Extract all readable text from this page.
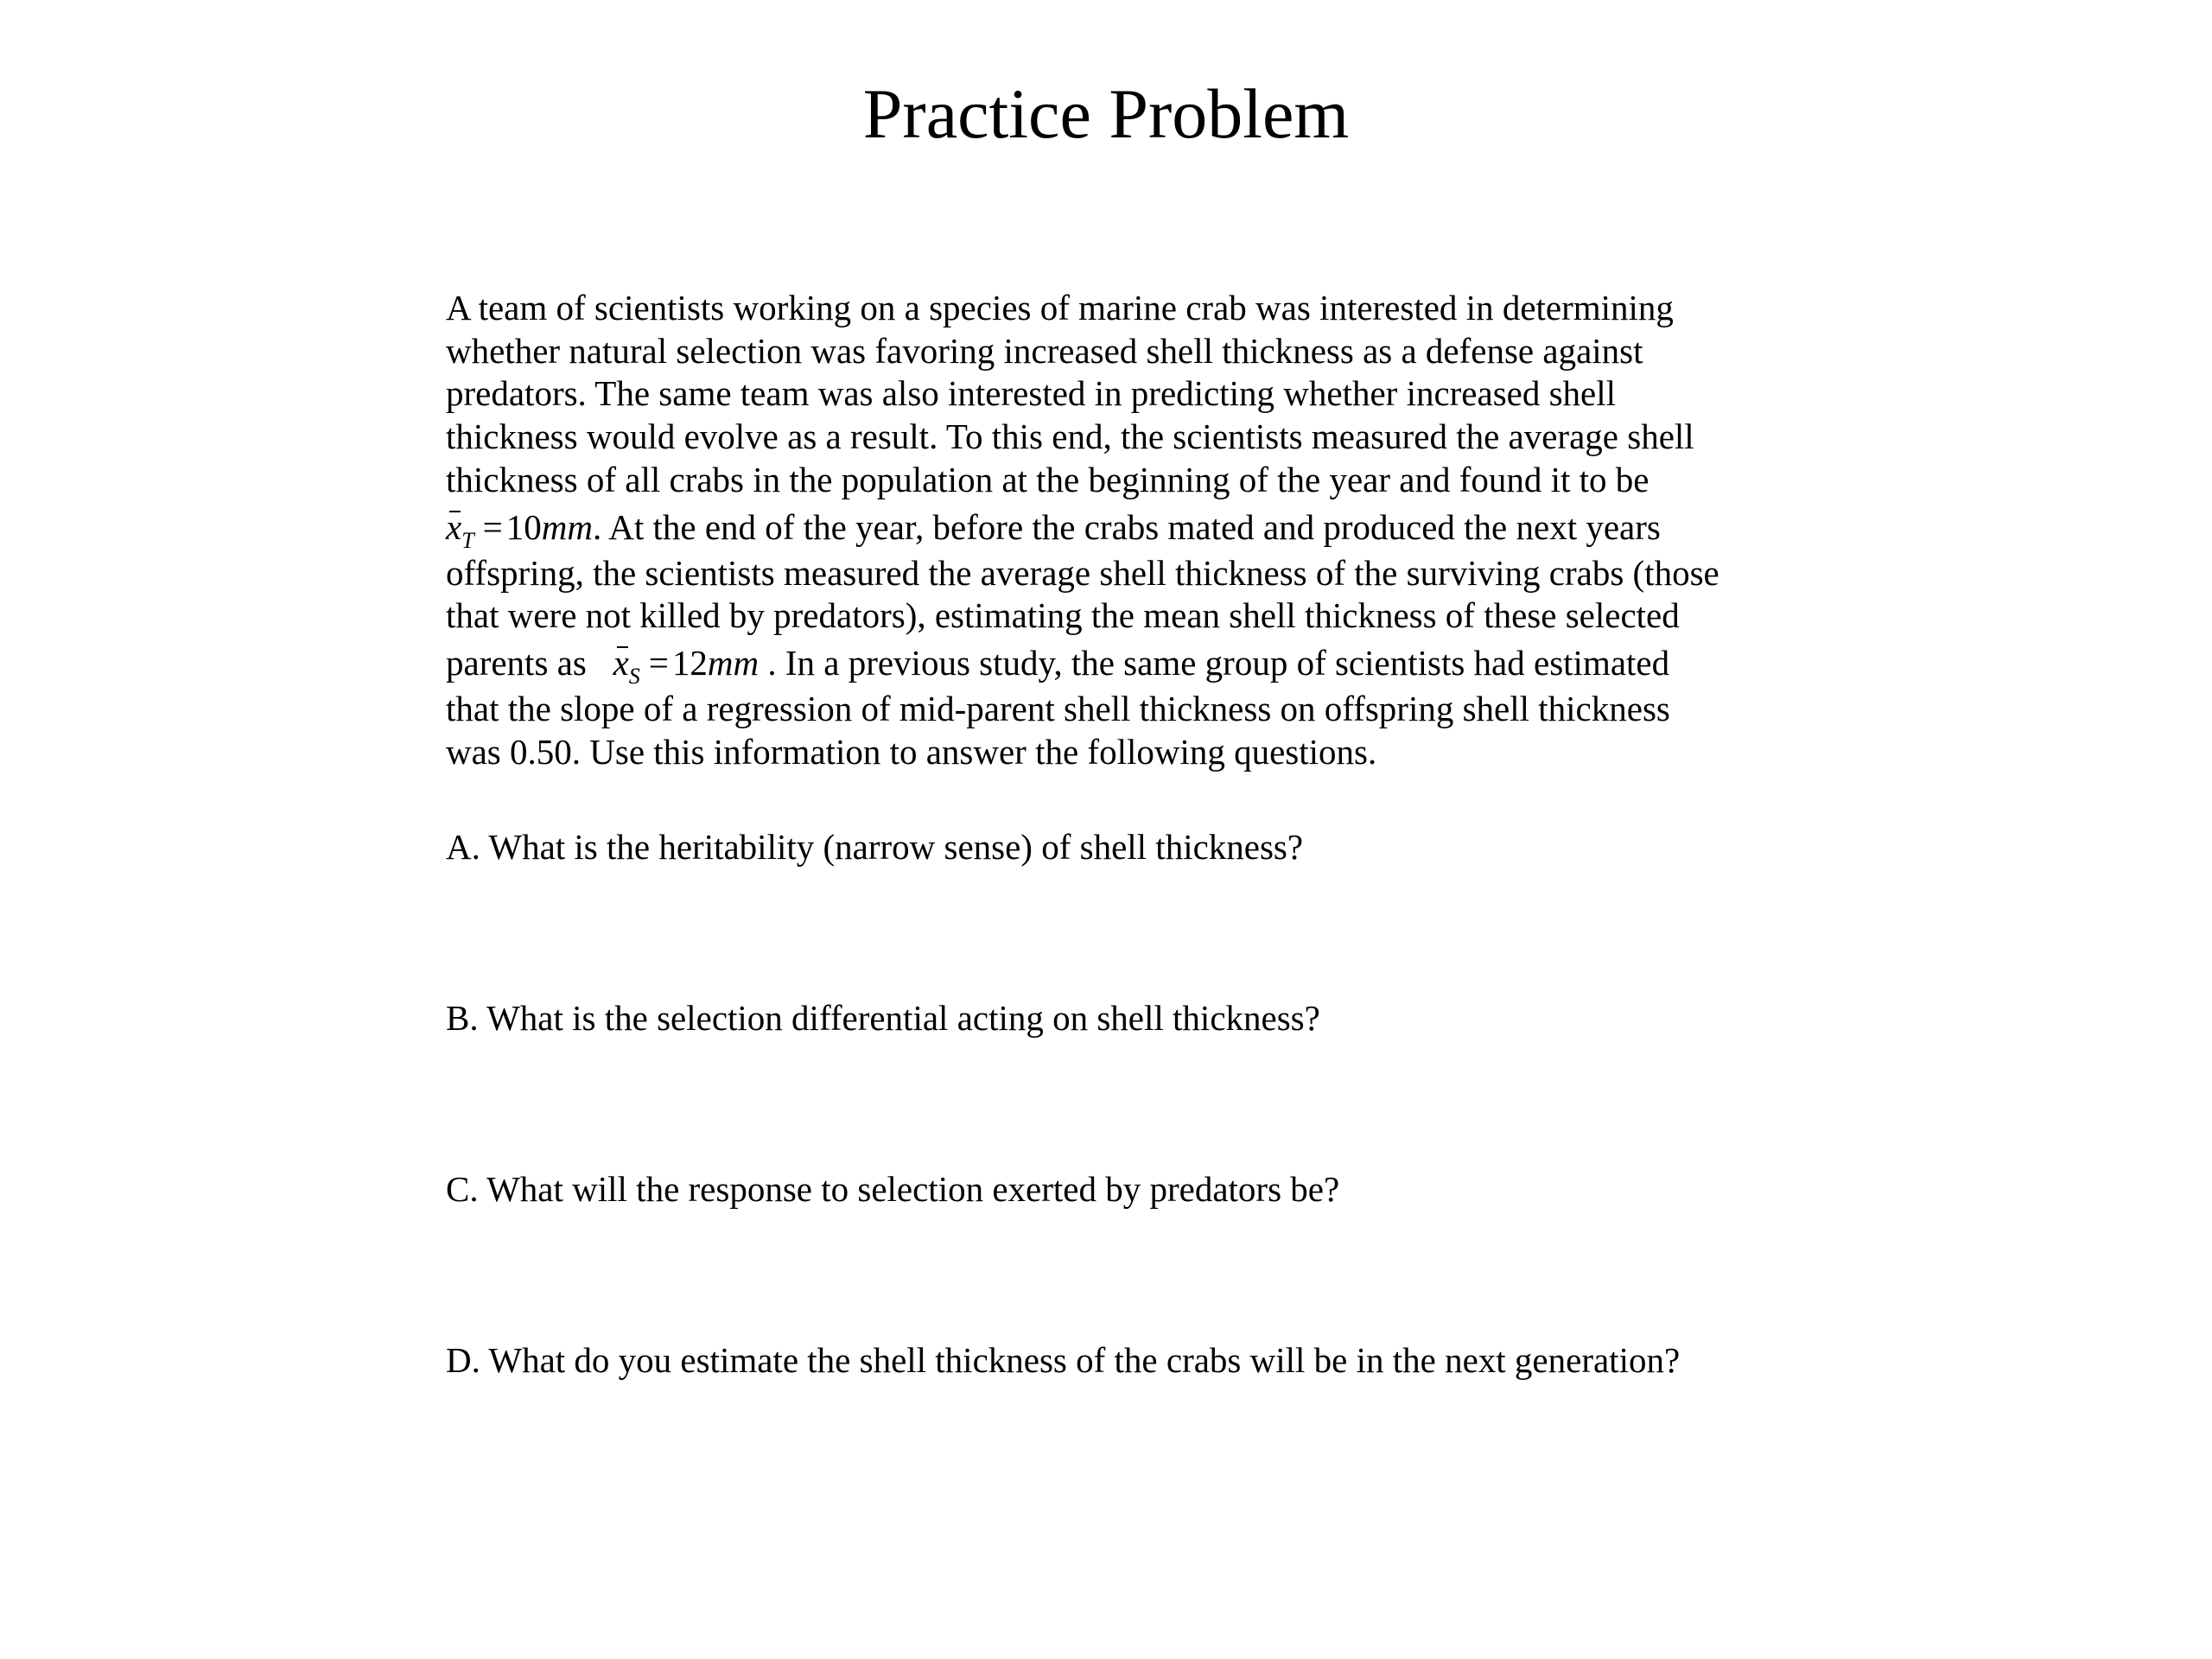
Practice Problem
A team of scientists working on a species of marine crab was interested in determining
whether natural selection was favoring increased shell thickness as a defense against
predators. The same team was also interested in predicting whether increased shell
thickness would evolve as a result. To this end, the scientists measured the average shell
thickness of all crabs in the population at the beginning of the year and found it to be
$x_T =10mm$. At the end of the year, before the crabs mated and produced the next years
offspring, the scientists measured the average shell thickness of the surviving crabs (those
that were not killed by predators), estimating the mean shell thickness of these selected
parents as $x_S =12mm$ . In a previous study, the same group of scientists had estimated
that the slope of a regression of mid-parent shell thickness on offspring shell thickness
was 0.50. Use this information to answer the following questions.
A. What is the heritability (narrow sense) of shell thickness?
B. What is the selection differential acting on shell thickness?
C. What will the response to selection exerted by predators be?
D. What do you estimate the shell thickness of the crabs will be in the next generation?
